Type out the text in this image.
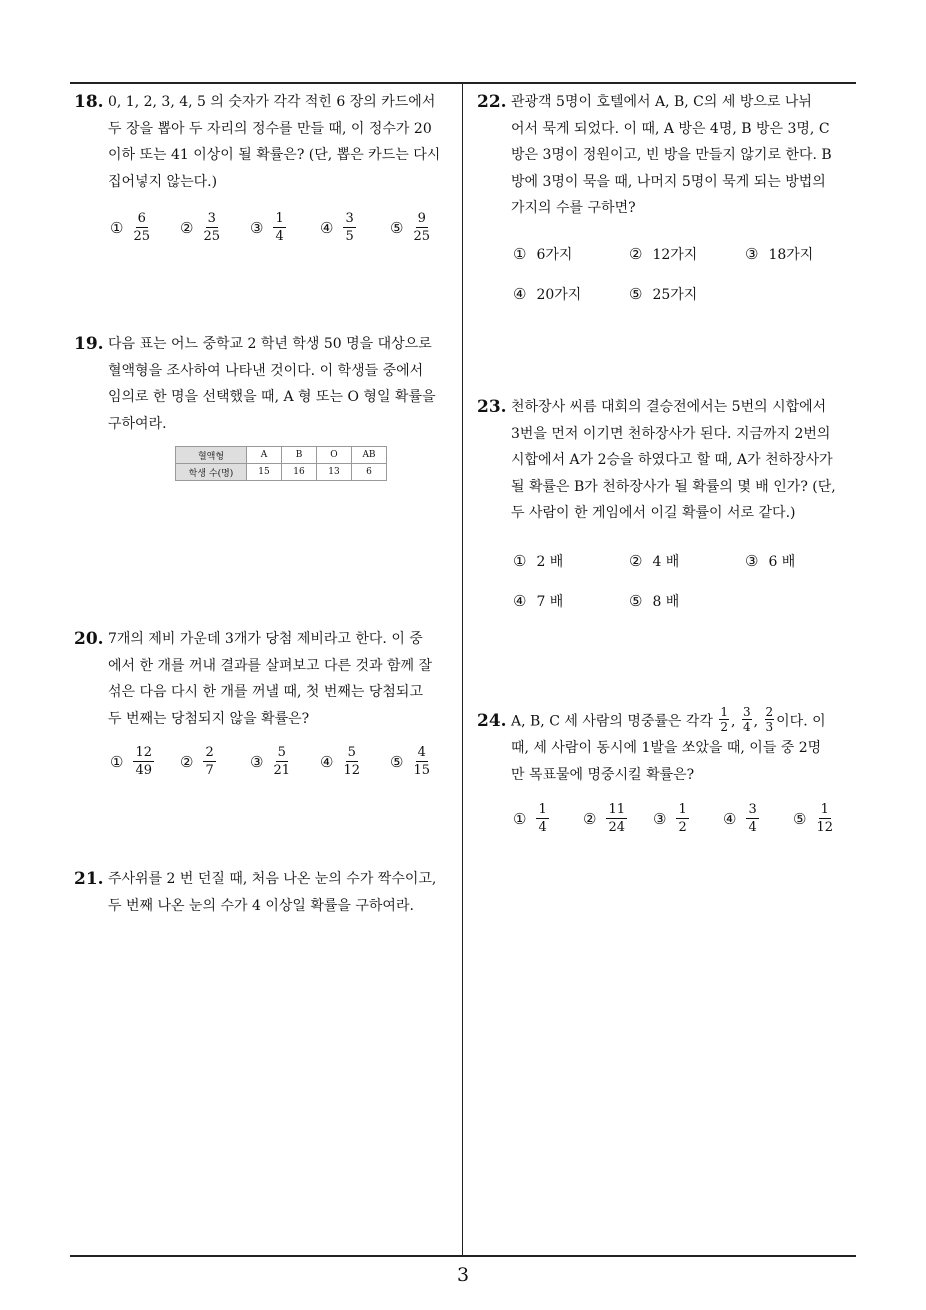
3
18. 0, 1, 2, 3, 4, 5 의 숫자가 각각 적힌 6 장의 카드에서
두 장을 뽑아 두 자리의 정수를 만들 때, 이 정수가 20
이하 또는 41 이상이 될 확률은? (단, 뽑은 카드는 다시
집어넣지 않는다.)
① $\frac{6}{25}$ ② $\frac{3}{25}$ ③ $\frac{1}{4}$ ④ $\frac{3}{5}$ ⑤ $\frac{9}{25}$
19. 다음 표는 어느 중학교 2 학년 학생 50 명을 대상으로
혈액형을 조사하여 나타낸 것이다. 이 학생들 중에서
임의로 한 명을 선택했을 때, A 형 또는 O 형일 확률을
구하여라.
혈액형	A	B	O	AB
학생 수(명)	15	16	13	6
20. 7개의 제비 가운데 3개가 당첨 제비라고 한다. 이 중
에서 한 개를 꺼내 결과를 살펴보고 다른 것과 함께 잘
섞은 다음 다시 한 개를 꺼낼 때, 첫 번째는 당첨되고
두 번째는 당첨되지 않을 확률은?
① $\frac{12}{49}$ ② $\frac{2}{7}$ ③ $\frac{5}{21}$ ④ $\frac{5}{12}$ ⑤ $\frac{4}{15}$
21. 주사위를 2 번 던질 때, 처음 나온 눈의 수가 짝수이고,
두 번째 나온 눈의 수가 4 이상일 확률을 구하여라.
22. 관광객 5명이 호텔에서 A, B, C의 세 방으로 나뉘
어서 묵게 되었다. 이 때, A 방은 4명, B 방은 3명, C
방은 3명이 정원이고, 빈 방을 만들지 않기로 한다. B
방에 3명이 묵을 때, 나머지 5명이 묵게 되는 방법의
가지의 수를 구하면?
① 6가지	② 12가지	③ 18가지
④ 20가지	⑤ 25가지
23. 천하장사 씨름 대회의 결승전에서는 5번의 시합에서
3번을 먼저 이기면 천하장사가 된다. 지금까지 2번의
시합에서 A가 2승을 하였다고 할 때, A가 천하장사가
될 확률은 B가 천하장사가 될 확률의 몇 배 인가? (단,
두 사람이 한 게임에서 이길 확률이 서로 같다.)
① 2 배	② 4 배	③ 6 배
④ 7 배	⑤ 8 배
24. A, B, C 세 사람의 명중률은 각각 $\frac{1}{2}$ , $\frac{3}{4}$ , $\frac{2}{3}$ 이다. 이
때, 세 사람이 동시에 1발을 쏘았을 때, 이들 중 2명
만 목표물에 명중시킬 확률은?
① $\frac{1}{4}$ ② $\frac{11}{24}$ ③ $\frac{1}{2}$ ④ $\frac{3}{4}$ ⑤ $\frac{1}{12}$
